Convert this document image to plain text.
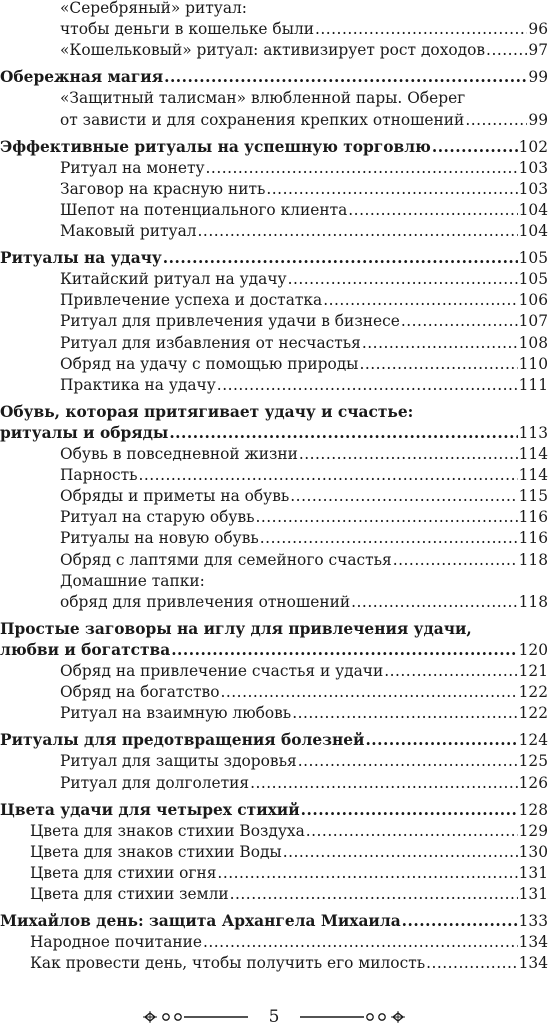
«Серебряный» ритуал:
чтобы деньги в кошельке были .....	96
«Кошельковый» ритуал: активизирует рост доходов .....	97
Обережная магия .....	99
«Защитный талисман» влюбленной пары. Оберег
от зависти и для сохранения крепких отношений .....	99
Эффективные ритуалы на успешную торговлю .....	102
Ритуал на монету .....	103
Заговор на красную нить .....	103
Шепот на потенциального клиента .....	104
Маковый ритуал .....	104
Ритуалы на удачу .....	105
Китайский ритуал на удачу .....	105
Привлечение успеха и достатка .....	106
Ритуал для привлечения удачи в бизнесе .....	107
Ритуал для избавления от несчастья .....	108
Обряд на удачу с помощью природы .....	110
Практика на удачу .....	111
Обувь, которая притягивает удачу и счастье:
ритуалы и обряды .....	113
Обувь в повседневной жизни .....	114
Парность .....	114
Обряды и приметы на обувь .....	115
Ритуал на старую обувь .....	116
Ритуалы на новую обувь .....	116
Обряд с лаптями для семейного счастья .....	118
Домашние тапки:
обряд для привлечения отношений .....	118
Простые заговоры на иглу для привлечения удачи,
любви и богатства .....	120
Обряд на привлечение счастья и удачи .....	121
Обряд на богатство .....	122
Ритуал на взаимную любовь .....	122
Ритуалы для предотвращения болезней .....	124
Ритуал для защиты здоровья .....	125
Ритуал для долголетия .....	126
Цвета удачи для четырех стихий .....	128
Цвета для знаков стихии Воздуха .....	129
Цвета для знаков стихии Воды .....	130
Цвета для стихии огня .....	131
Цвета для стихии земли .....	131
Михайлов день: защита Архангела Михаила .....	133
Народное почитание .....	134
Как провести день, чтобы получить его милость .....	134
5
